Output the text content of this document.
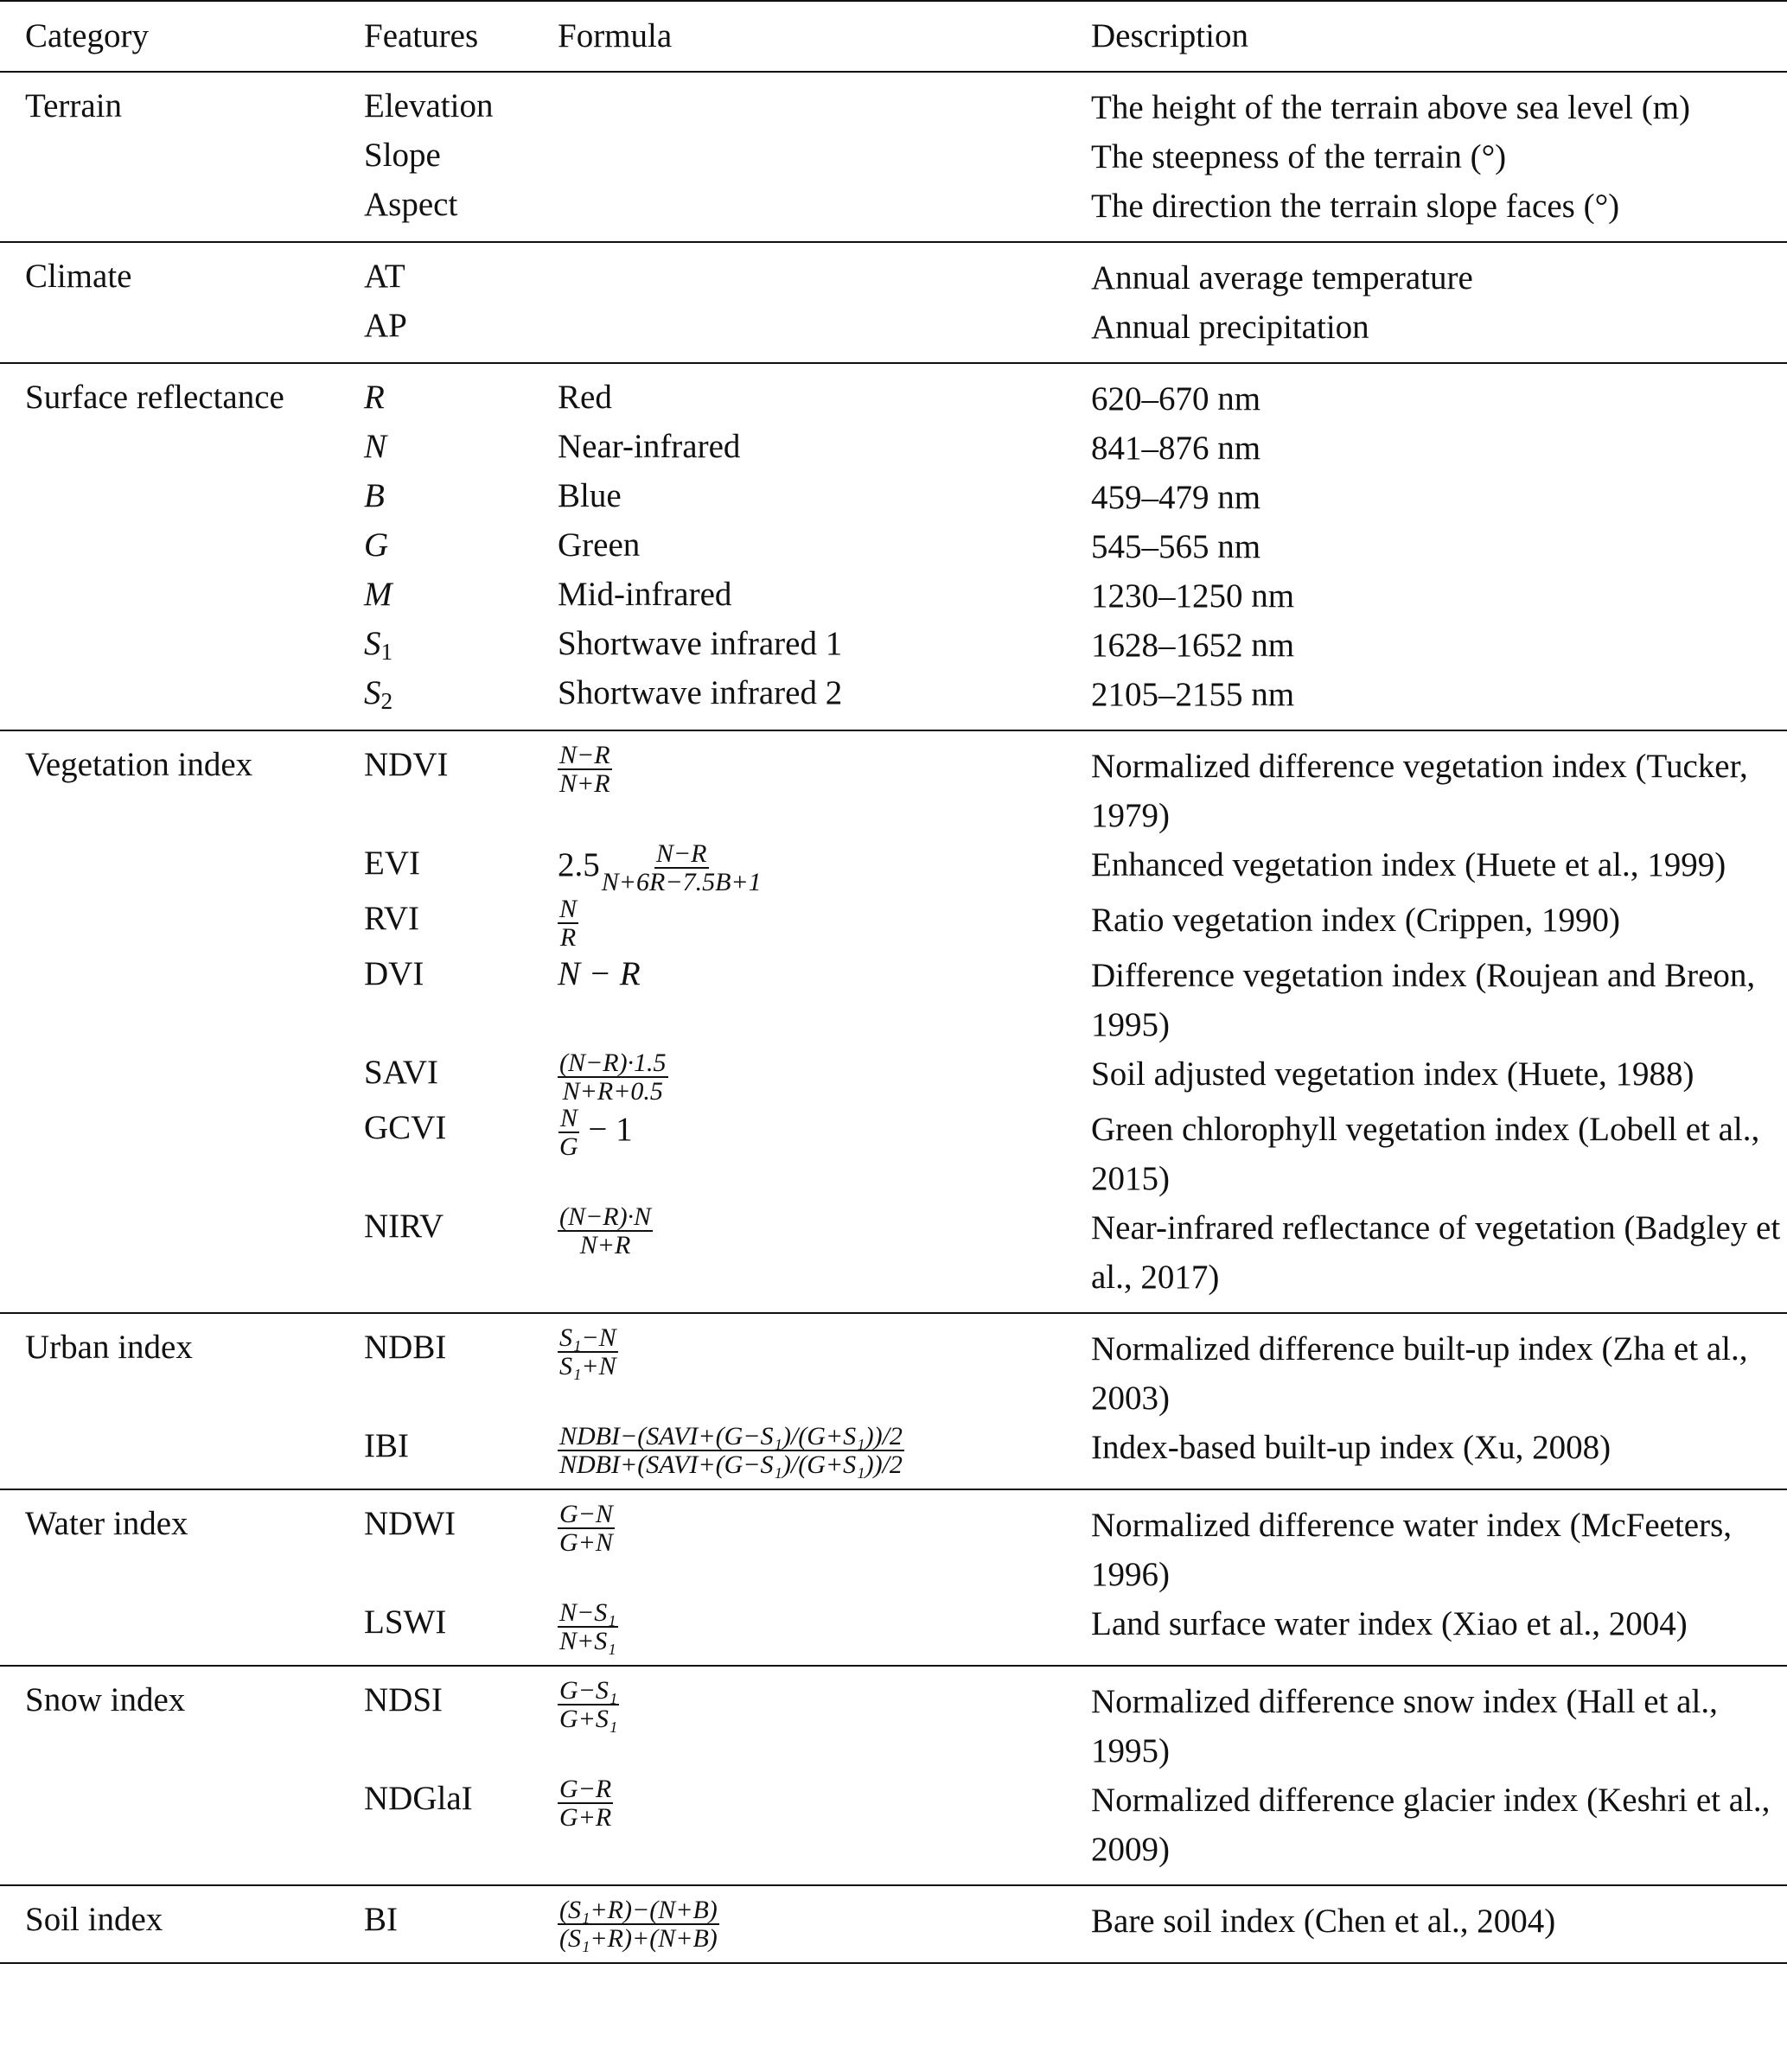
Category	Features	Formula	Description
Terrain	Elevation		The height of the terrain above sea level (m)
	Slope		The steepness of the terrain (°)
	Aspect		The direction the terrain slope faces (°)
Climate	AT		Annual average temperature
	AP		Annual precipitation
Surface reflectance	R	Red	620–670 nm
	N	Near-infrared	841–876 nm
	B	Blue	459–479 nm
	G	Green	545–565 nm
	M	Mid-infrared	1230–1250 nm
	$S_1$	Shortwave infrared 1	1628–1652 nm
	$S_2$	Shortwave infrared 2	2105–2155 nm
Vegetation index	NDVI	$\frac{N-R}{N+R}$	Normalized difference vegetation index (Tucker, 1979)
	EVI	$2.5 \frac{N-R}{N+6R-7.5B+1}$	Enhanced vegetation index (Huete et al., 1999)
	RVI	$\frac{N}{R}$	Ratio vegetation index (Crippen, 1990)
	DVI	N − R	Difference vegetation index (Roujean and Breon, 1995)
	SAVI	$\frac{(N-R)\cdot 1.5}{N+R+0.5}$	Soil adjusted vegetation index (Huete, 1988)
	GCVI	$\frac{N}{G} - 1$	Green chlorophyll vegetation index (Lobell et al., 2015)
	NIRV	$\frac{(N-R)\cdot N}{N+R}$	Near-infrared reflectance of vegetation (Badgley et al., 2017)
Urban index	NDBI	$\frac{\text{S₁−N}}{\text{S₁+N}}$	Normalized difference built-up index (Zha et al., 2003)
	IBI	$\frac{\text{NDBI−(SAVI+(G−S₁)/(G+S₁))/2}}{\text{NDBI+(SAVI+(G−S₁)/(G+S₁))/2}}$	Index-based built-up index (Xu, 2008)
Water index	NDWI	$\frac{G-N}{G+N}$	Normalized difference water index (McFeeters, 1996)
	LSWI	$\frac{\text{N−S₁}}{\text{N+S₁}}$	Land surface water index (Xiao et al., 2004)
Snow index	NDSI	$\frac{\text{G−S₁}}{\text{G+S₁}}$	Normalized difference snow index (Hall et al., 1995)
	NDGlaI	$\frac{G-R}{G+R}$	Normalized difference glacier index (Keshri et al., 2009)
Soil index	BI	$\frac{\text{(S₁+R)−(N+B)}}{\text{(S₁+R)+(N+B)}}$	Bare soil index (Chen et al., 2004)
